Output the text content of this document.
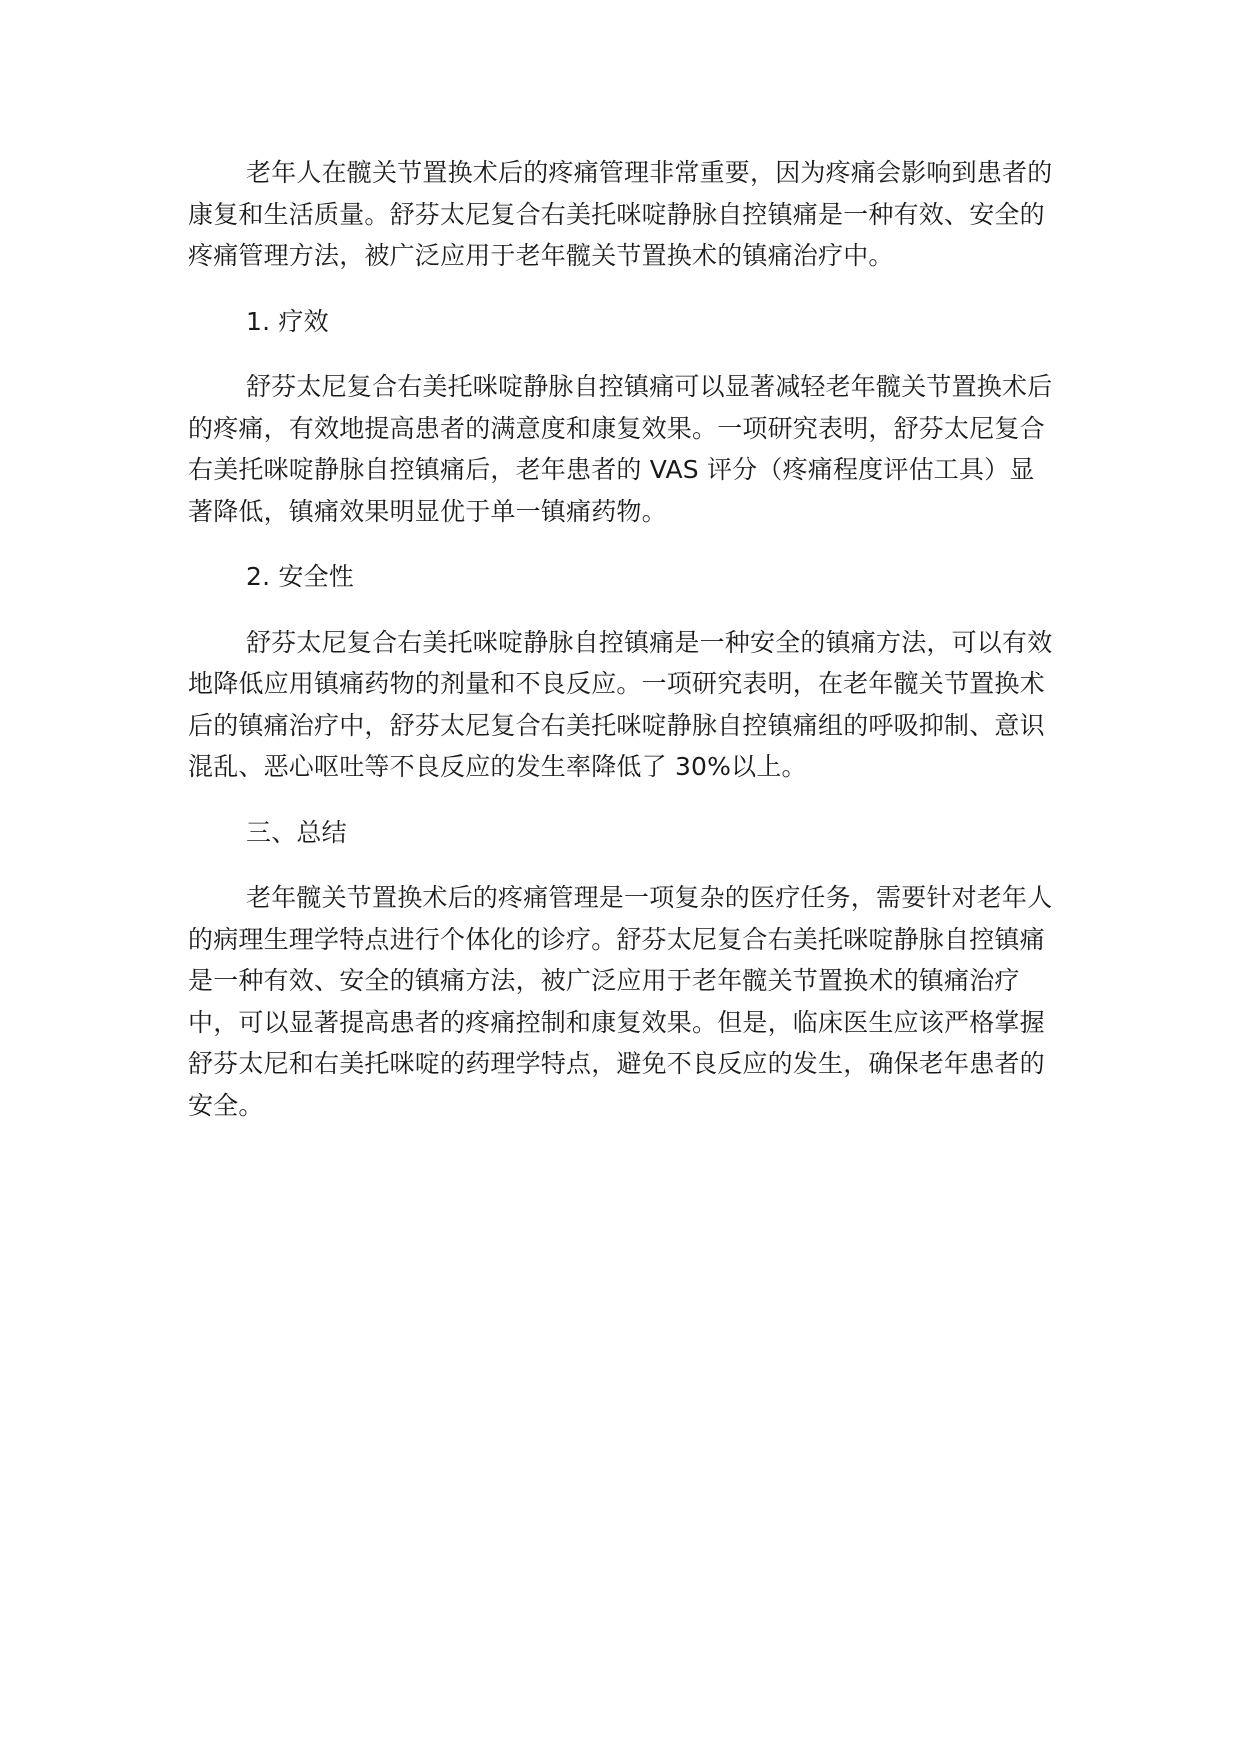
老年人在髋关节置换术后的疼痛管理非常重要，因为疼痛会影响到患者的康复和生活质量。舒芬太尼复合右美托咪啶静脉自控镇痛是一种有效、安全的疼痛管理方法，被广泛应用于老年髋关节置换术的镇痛治疗中。

1. 疗效

舒芬太尼复合右美托咪啶静脉自控镇痛可以显著减轻老年髋关节置换术后的疼痛，有效地提高患者的满意度和康复效果。一项研究表明，舒芬太尼复合右美托咪啶静脉自控镇痛后，老年患者的 VAS 评分（疼痛程度评估工具）显著降低，镇痛效果明显优于单一镇痛药物。

2. 安全性

舒芬太尼复合右美托咪啶静脉自控镇痛是一种安全的镇痛方法，可以有效地降低应用镇痛药物的剂量和不良反应。一项研究表明，在老年髋关节置换术后的镇痛治疗中，舒芬太尼复合右美托咪啶静脉自控镇痛组的呼吸抑制、意识混乱、恶心呕吐等不良反应的发生率降低了 30%以上。

三、总结

老年髋关节置换术后的疼痛管理是一项复杂的医疗任务，需要针对老年人的病理生理学特点进行个体化的诊疗。舒芬太尼复合右美托咪啶静脉自控镇痛是一种有效、安全的镇痛方法，被广泛应用于老年髋关节置换术的镇痛治疗中，可以显著提高患者的疼痛控制和康复效果。但是，临床医生应该严格掌握舒芬太尼和右美托咪啶的药理学特点，避免不良反应的发生，确保老年患者的安全。
